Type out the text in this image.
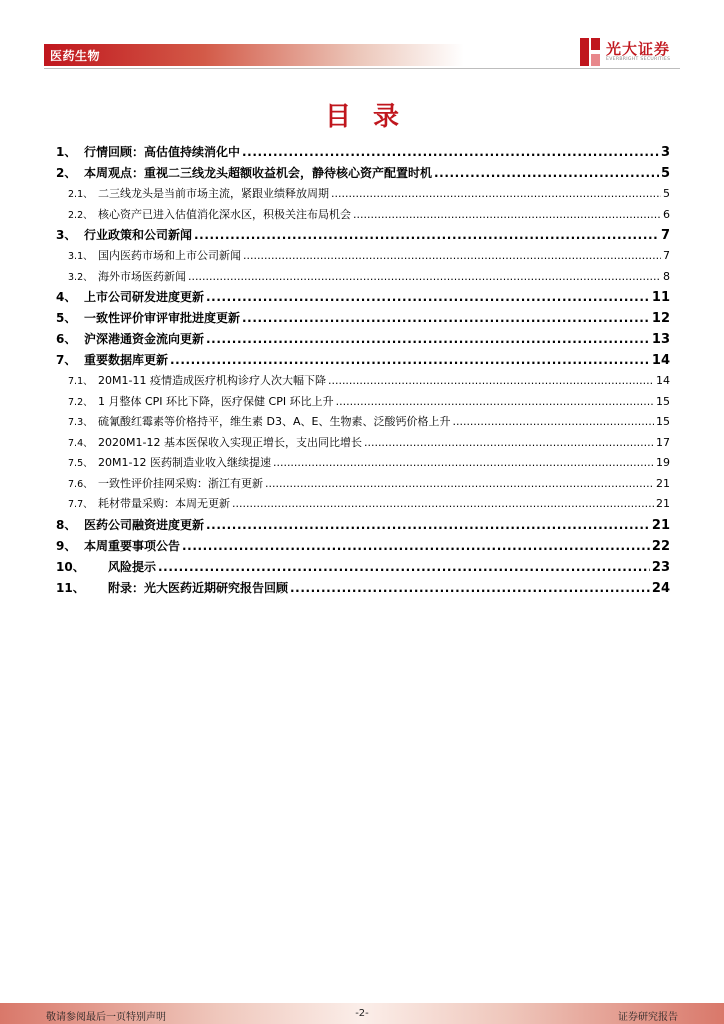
医药生物	光大证券
EVERBRIGHT SECURITIES
目录
1、 行情回顾：高估值持续消化中 .....	3
2、 本周观点：重视二三线龙头超额收益机会，静待核心资产配置时机 .....	5
2.1、 二三线龙头是当前市场主流，紧跟业绩释放周期 .....	5
2.2、 核心资产已进入估值消化深水区，积极关注布局机会 .....	6
3、 行业政策和公司新闻 .....	7
3.1、 国内医药市场和上市公司新闻 .....	7
3.2、 海外市场医药新闻 .....	8
4、 上市公司研发进度更新 .....	11
5、 一致性评价审评审批进度更新 .....	12
6、 沪深港通资金流向更新 .....	13
7、 重要数据库更新 .....	14
7.1、 20M1-11 疫情造成医疗机构诊疗人次大幅下降 .....	14
7.2、 1 月整体 CPI 环比下降，医疗保健 CPI 环比上升 .....	15
7.3、 硫氰酸红霉素等价格持平，维生素 D3、A、E、生物素、泛酸钙价格上升 .....	15
7.4、 2020M1-12 基本医保收入实现正增长，支出同比增长 .....	17
7.5、 20M1-12 医药制造业收入继续提速 .....	19
7.6、 一致性评价挂网采购：浙江有更新 .....	21
7.7、 耗材带量采购：本周无更新 .....	21
8、 医药公司融资进度更新 .....	21
9、 本周重要事项公告 .....	22
10、	风险提示 .....	23
11、	附录：光大医药近期研究报告回顾 .....	24
敬请参阅最后一页特别声明	-2-	证券研究报告
